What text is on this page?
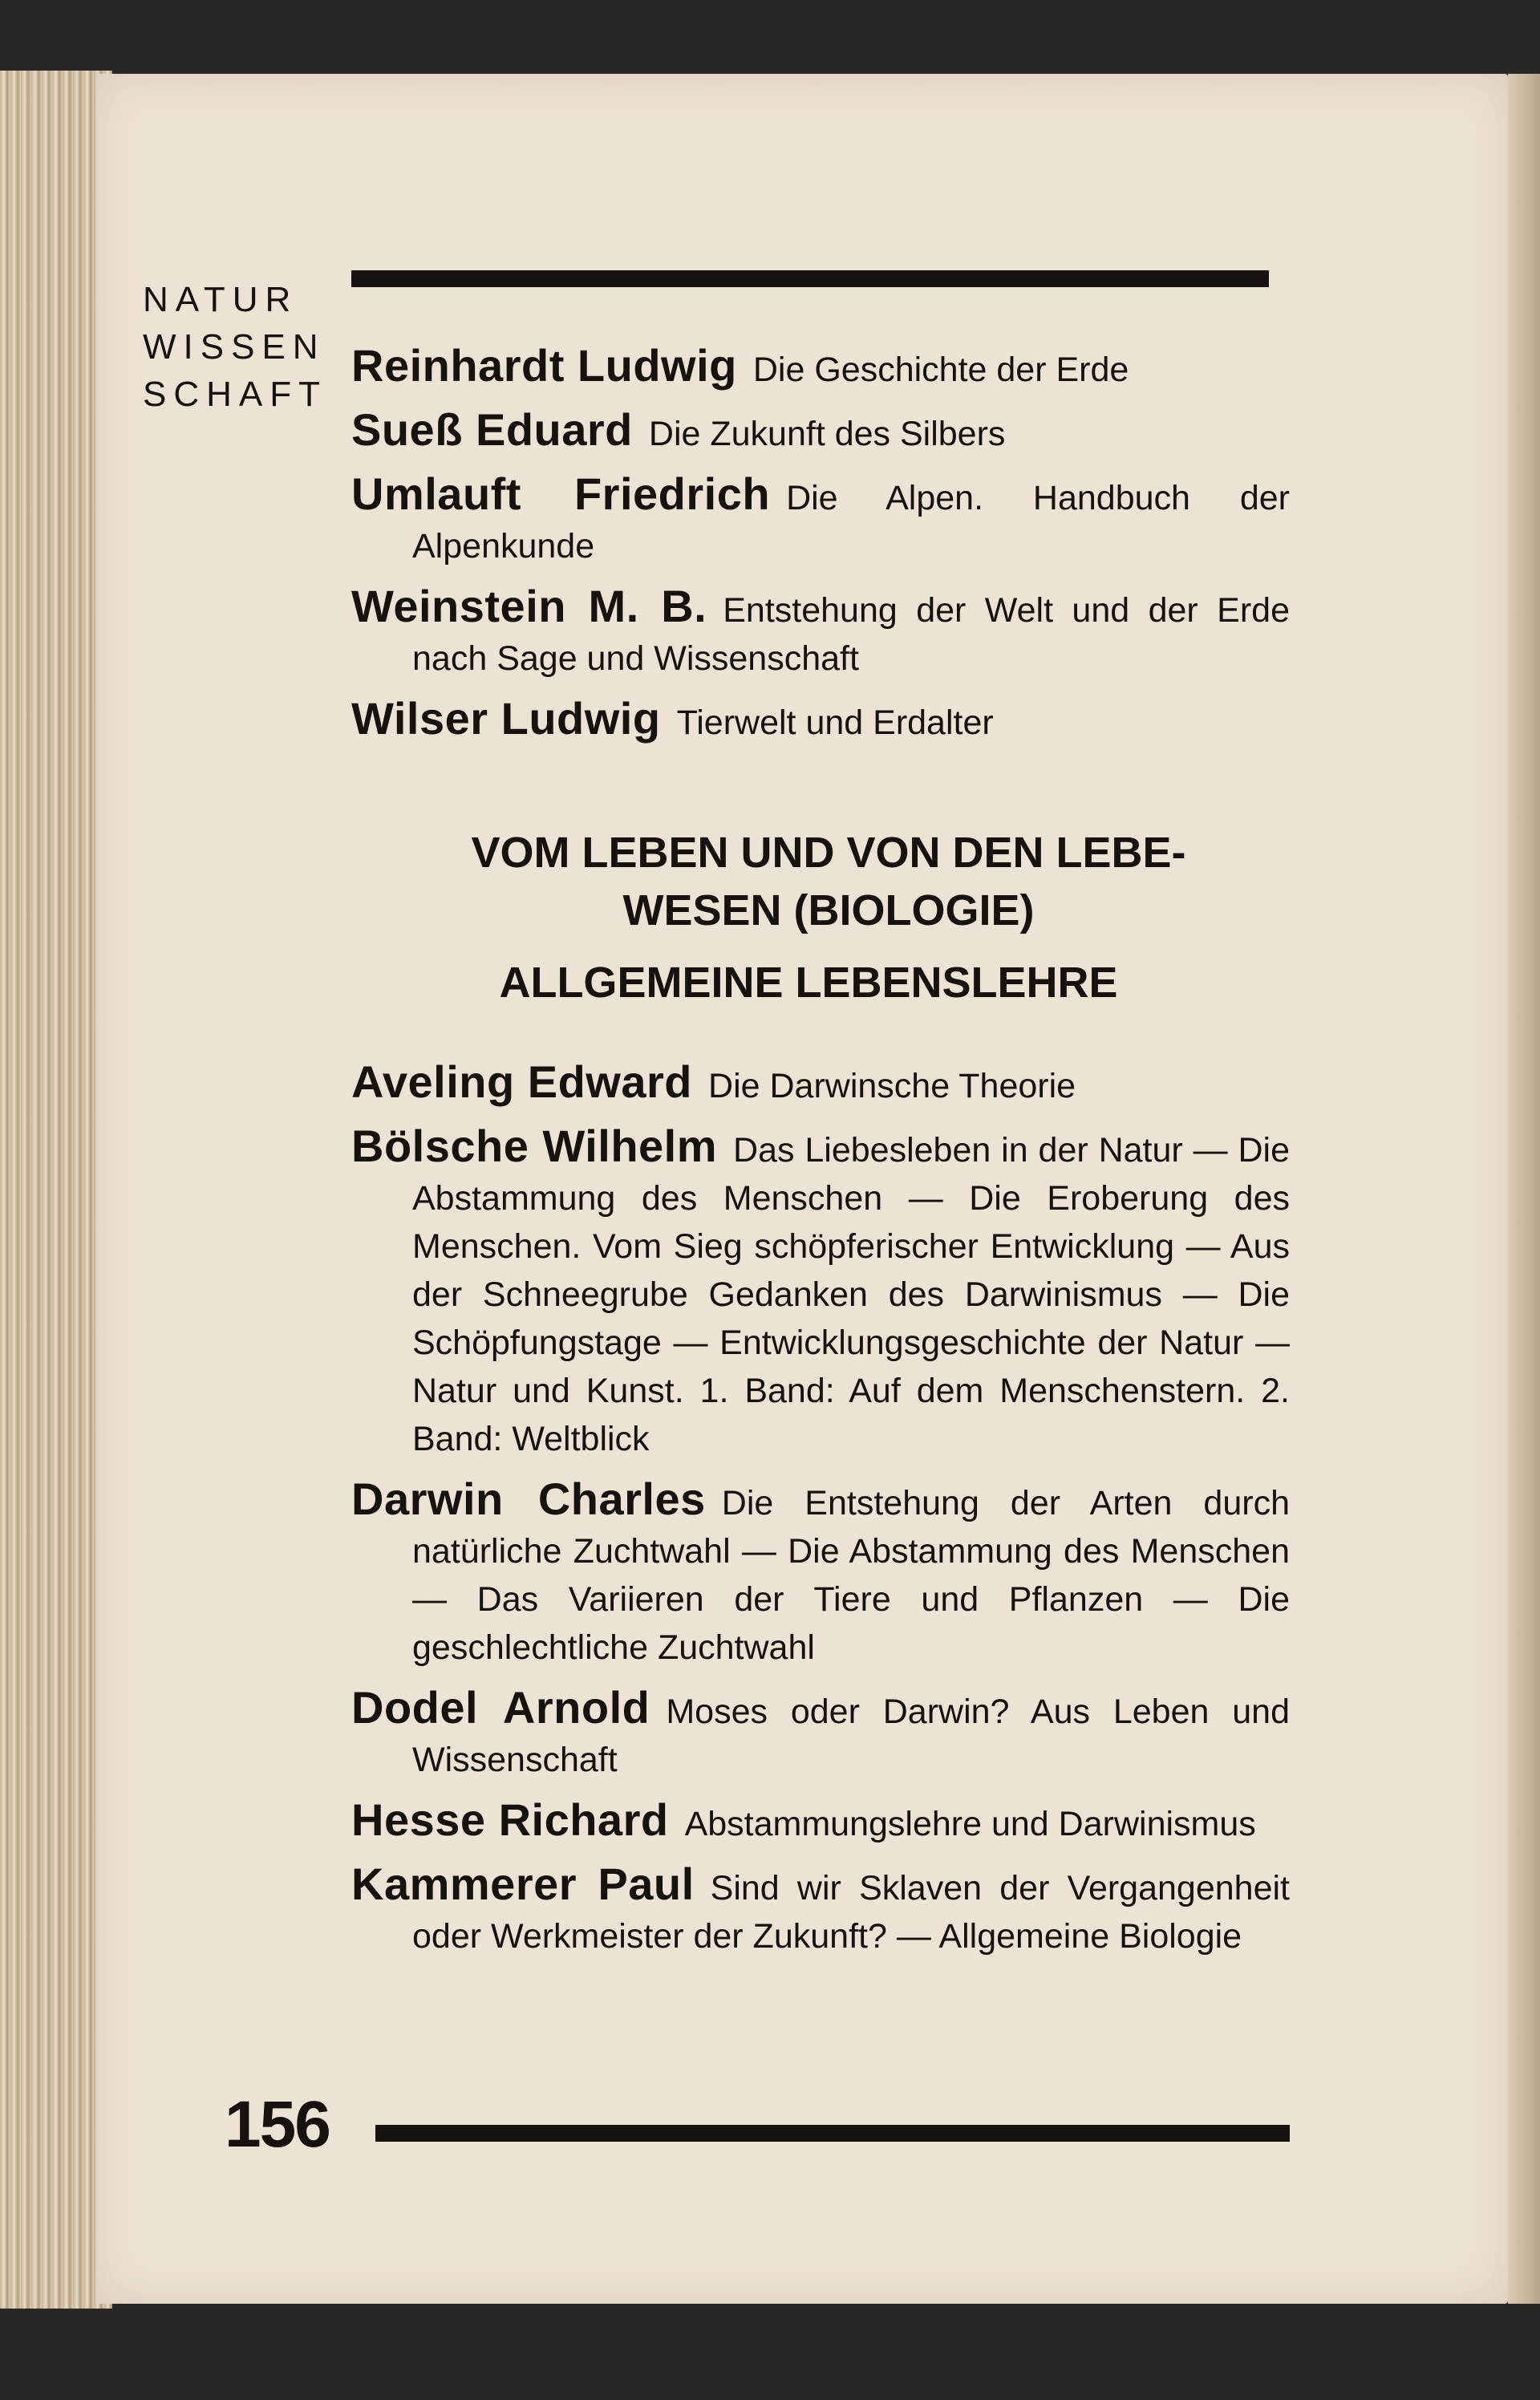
NATUR
WISSEN
SCHAFT
Reinhardt Ludwig Die Geschichte der Erde
Sueß Eduard Die Zukunft des Silbers
Umlauft Friedrich Die Alpen. Handbuch der Alpenkunde
Weinstein M. B. Entstehung der Welt und der Erde nach Sage und Wissenschaft
Wilser Ludwig Tierwelt und Erdalter
VOM LEBEN UND VON DEN LEBE-
WESEN (BIOLOGIE)
ALLGEMEINE LEBENSLEHRE
Aveling Edward Die Darwinsche Theorie
Bölsche Wilhelm Das Liebesleben in der Natur — Die Abstammung des Menschen — Die Eroberung des Menschen. Vom Sieg schöpferischer Entwicklung — Aus der Schneegrube Gedanken des Darwinismus — Die Schöpfungstage — Entwicklungsgeschichte der Natur — Natur und Kunst. 1. Band: Auf dem Menschenstern. 2. Band: Weltblick
Darwin Charles Die Entstehung der Arten durch natürliche Zuchtwahl — Die Abstammung des Menschen — Das Variieren der Tiere und Pflanzen — Die geschlechtliche Zuchtwahl
Dodel Arnold Moses oder Darwin? Aus Leben und Wissenschaft
Hesse Richard Abstammungslehre und Darwinismus
Kammerer Paul Sind wir Sklaven der Vergangenheit oder Werkmeister der Zukunft? — Allgemeine Biologie
156
